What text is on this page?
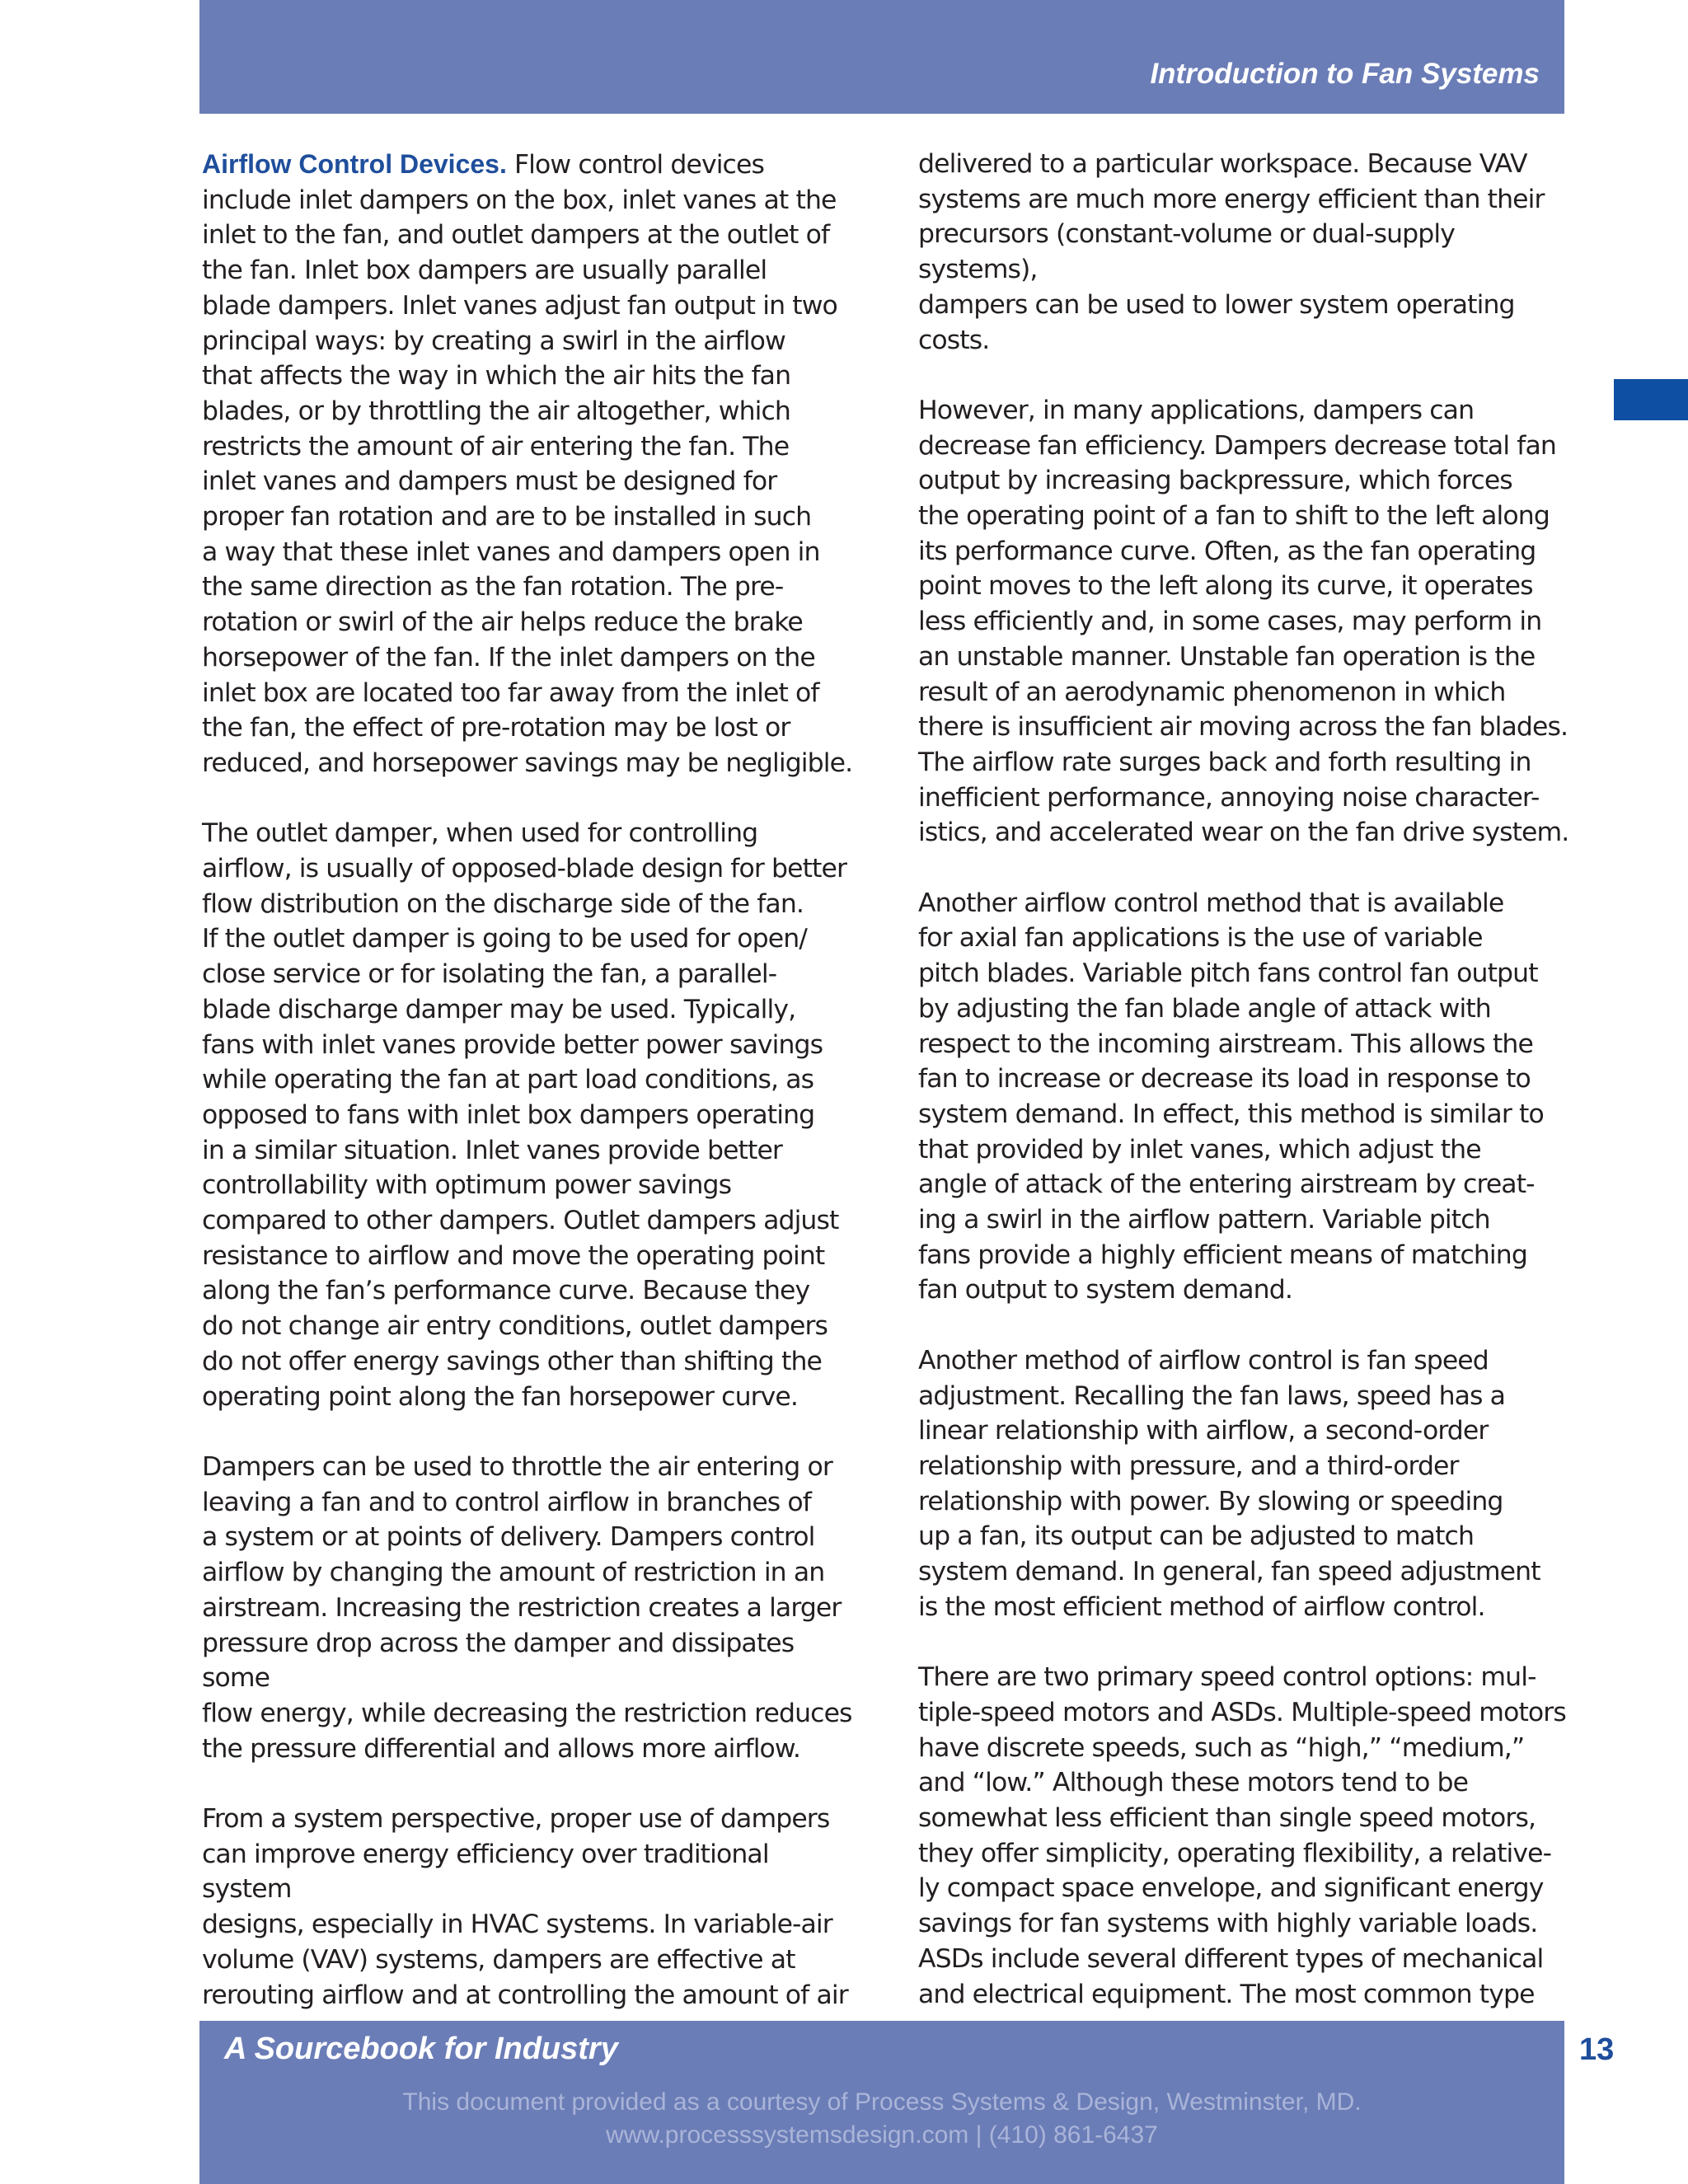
Introduction to Fan Systems

Airflow Control Devices. Flow control devices
include inlet dampers on the box, inlet vanes at the
inlet to the fan, and outlet dampers at the outlet of
the fan. Inlet box dampers are usually parallel
blade dampers. Inlet vanes adjust fan output in two
principal ways: by creating a swirl in the airflow
that affects the way in which the air hits the fan
blades, or by throttling the air altogether, which
restricts the amount of air entering the fan. The
inlet vanes and dampers must be designed for
proper fan rotation and are to be installed in such
a way that these inlet vanes and dampers open in
the same direction as the fan rotation. The pre-
rotation or swirl of the air helps reduce the brake
horsepower of the fan. If the inlet dampers on the
inlet box are located too far away from the inlet of
the fan, the effect of pre-rotation may be lost or
reduced, and horsepower savings may be negligible.

The outlet damper, when used for controlling
airflow, is usually of opposed-blade design for better
flow distribution on the discharge side of the fan.
If the outlet damper is going to be used for open/
close service or for isolating the fan, a parallel-
blade discharge damper may be used. Typically,
fans with inlet vanes provide better power savings
while operating the fan at part load conditions, as
opposed to fans with inlet box dampers operating
in a similar situation. Inlet vanes provide better
controllability with optimum power savings
compared to other dampers. Outlet dampers adjust
resistance to airflow and move the operating point
along the fan’s performance curve. Because they
do not change air entry conditions, outlet dampers
do not offer energy savings other than shifting the
operating point along the fan horsepower curve.

Dampers can be used to throttle the air entering or
leaving a fan and to control airflow in branches of
a system or at points of delivery. Dampers control
airflow by changing the amount of restriction in an
airstream. Increasing the restriction creates a larger
pressure drop across the damper and dissipates some
flow energy, while decreasing the restriction reduces
the pressure differential and allows more airflow.

From a system perspective, proper use of dampers
can improve energy efficiency over traditional system
designs, especially in HVAC systems. In variable-air
volume (VAV) systems, dampers are effective at
rerouting airflow and at controlling the amount of air

delivered to a particular workspace. Because VAV
systems are much more energy efficient than their
precursors (constant-volume or dual-supply systems),
dampers can be used to lower system operating costs.

However, in many applications, dampers can
decrease fan efficiency. Dampers decrease total fan
output by increasing backpressure, which forces
the operating point of a fan to shift to the left along
its performance curve. Often, as the fan operating
point moves to the left along its curve, it operates
less efficiently and, in some cases, may perform in
an unstable manner. Unstable fan operation is the
result of an aerodynamic phenomenon in which
there is insufficient air moving across the fan blades.
The airflow rate surges back and forth resulting in
inefficient performance, annoying noise character-
istics, and accelerated wear on the fan drive system.

Another airflow control method that is available
for axial fan applications is the use of variable
pitch blades. Variable pitch fans control fan output
by adjusting the fan blade angle of attack with
respect to the incoming airstream. This allows the
fan to increase or decrease its load in response to
system demand. In effect, this method is similar to
that provided by inlet vanes, which adjust the
angle of attack of the entering airstream by creat-
ing a swirl in the airflow pattern. Variable pitch
fans provide a highly efficient means of matching
fan output to system demand.

Another method of airflow control is fan speed
adjustment. Recalling the fan laws, speed has a
linear relationship with airflow, a second-order
relationship with pressure, and a third-order
relationship with power. By slowing or speeding
up a fan, its output can be adjusted to match
system demand. In general, fan speed adjustment
is the most efficient method of airflow control.

There are two primary speed control options: mul-
tiple-speed motors and ASDs. Multiple-speed motors
have discrete speeds, such as “high,” “medium,”
and “low.” Although these motors tend to be
somewhat less efficient than single speed motors,
they offer simplicity, operating flexibility, a relative-
ly compact space envelope, and significant energy
savings for fan systems with highly variable loads.
ASDs include several different types of mechanical
and electrical equipment. The most common type

A Sourcebook for Industry
This document provided as a courtesy of Process Systems & Design, Westminster, MD.
www.processsystemsdesign.com | (410) 861-6437
13
